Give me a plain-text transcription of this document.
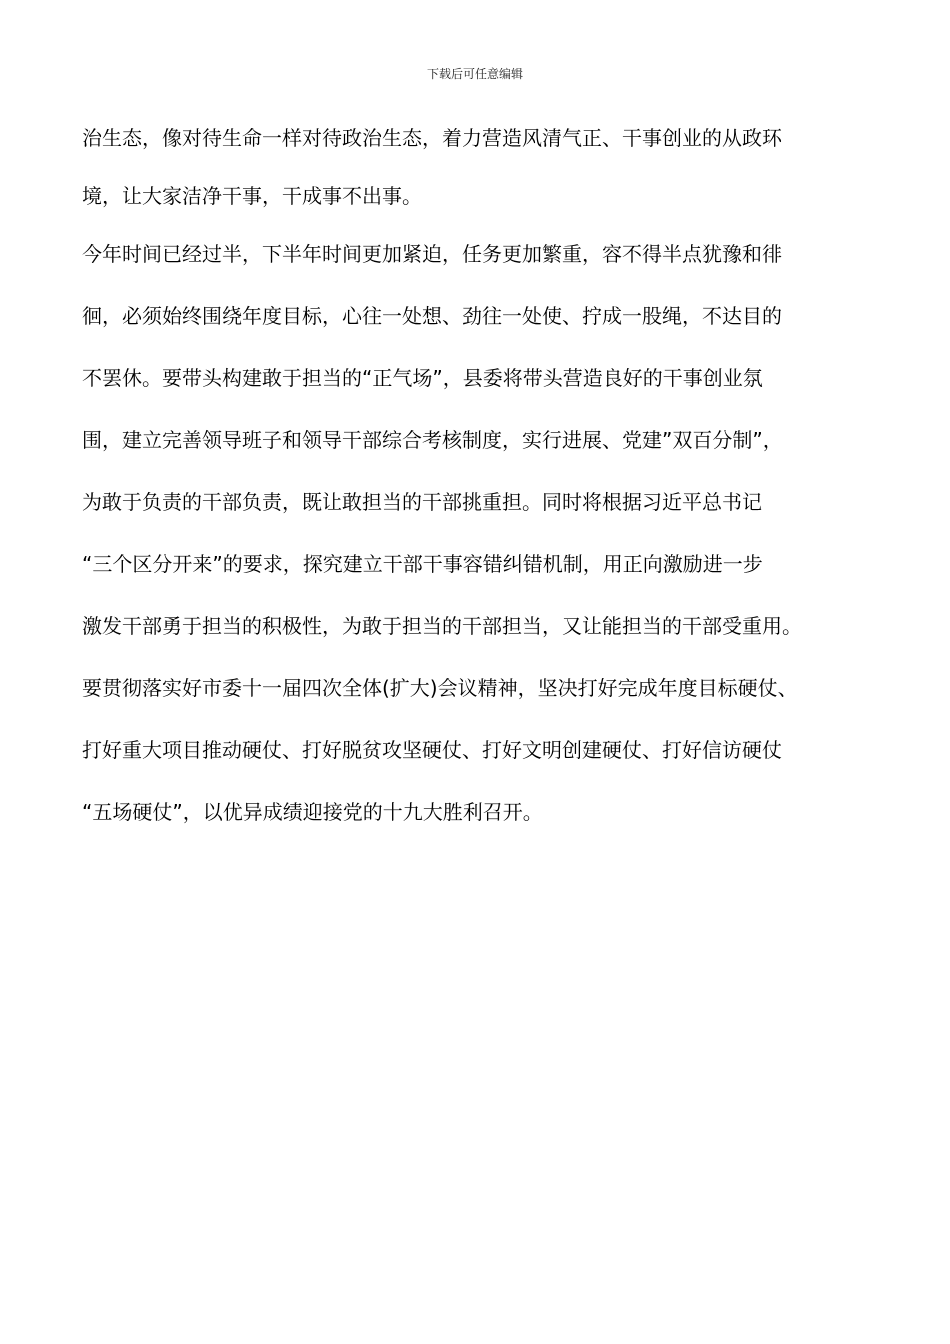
下载后可任意编辑
治生态，像对待生命一样对待政治生态，着力营造风清气正、干事创业的从政环
境，让大家洁净干事，干成事不出事。
今年时间已经过半，下半年时间更加紧迫，任务更加繁重，容不得半点犹豫和徘
徊，必须始终围绕年度目标，心往一处想、劲往一处使、拧成一股绳，不达目的
不罢休。要带头构建敢于担当的“正气场”，县委将带头营造良好的干事创业氛
围，建立完善领导班子和领导干部综合考核制度，实行进展、党建”双百分制”，
为敢于负责的干部负责，既让敢担当的干部挑重担。同时将根据习近平总书记
“三个区分开来”的要求，探究建立干部干事容错纠错机制，用正向激励进一步
激发干部勇于担当的积极性，为敢于担当的干部担当，又让能担当的干部受重用。
要贯彻落实好市委十一届四次全体(扩大)会议精神，坚决打好完成年度目标硬仗、
打好重大项目推动硬仗、打好脱贫攻坚硬仗、打好文明创建硬仗、打好信访硬仗
“五场硬仗”，以优异成绩迎接党的十九大胜利召开。
